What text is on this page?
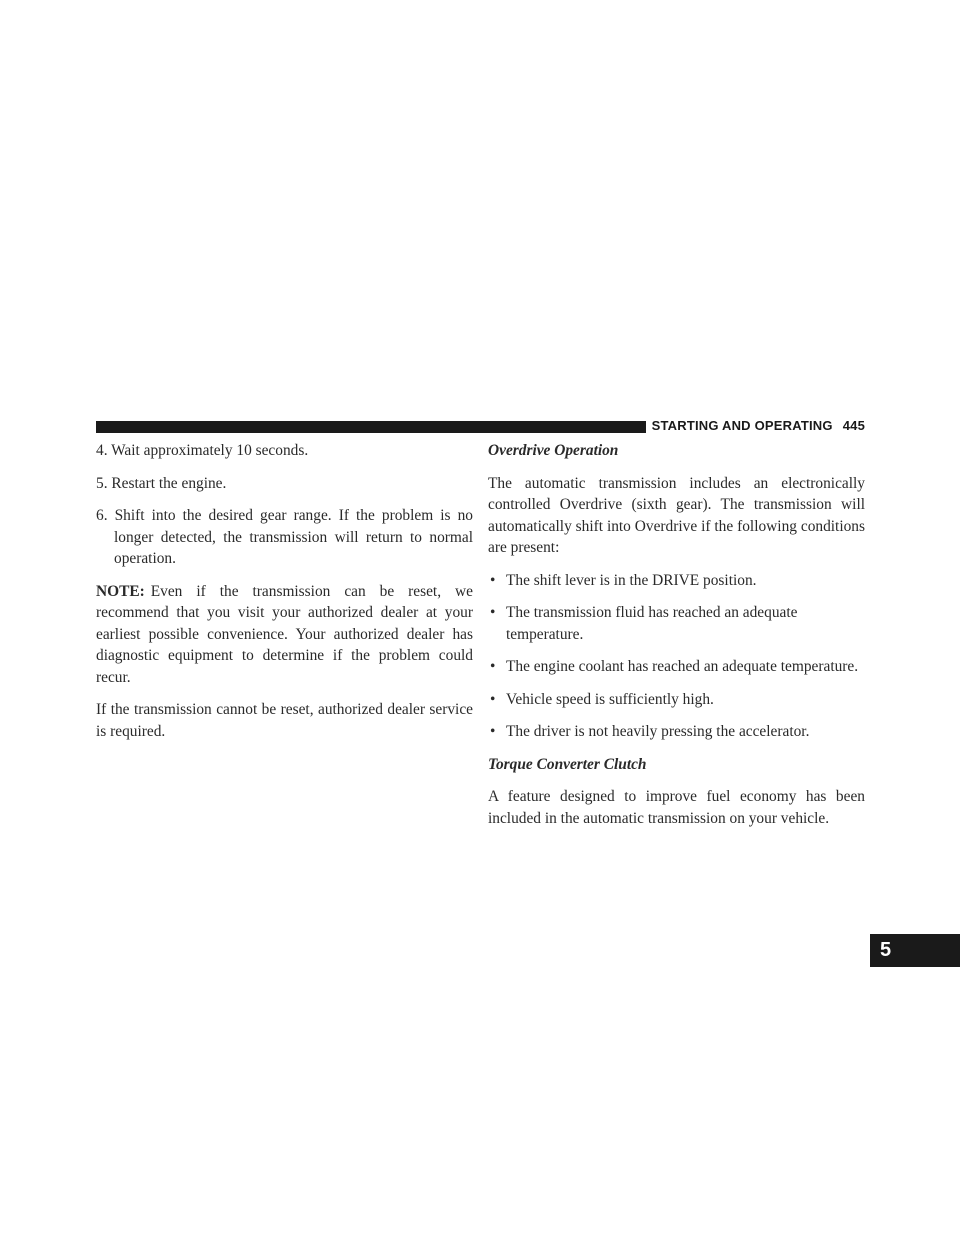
STARTING AND OPERATING 445
5

4. Wait approximately 10 seconds.

5. Restart the engine.

6. Shift into the desired gear range. If the problem is no longer detected, the transmission will return to normal operation.

NOTE: Even if the transmission can be reset, we recommend that you visit your authorized dealer at your earliest possible convenience. Your authorized dealer has diagnostic equipment to determine if the problem could recur.

If the transmission cannot be reset, authorized dealer service is required.

Overdrive Operation

The automatic transmission includes an electronically controlled Overdrive (sixth gear). The transmission will automatically shift into Overdrive if the following conditions are present:

• The shift lever is in the DRIVE position.
• The transmission fluid has reached an adequate temperature.
• The engine coolant has reached an adequate temperature.
• Vehicle speed is sufficiently high.
• The driver is not heavily pressing the accelerator.

Torque Converter Clutch

A feature designed to improve fuel economy has been included in the automatic transmission on your vehicle.
